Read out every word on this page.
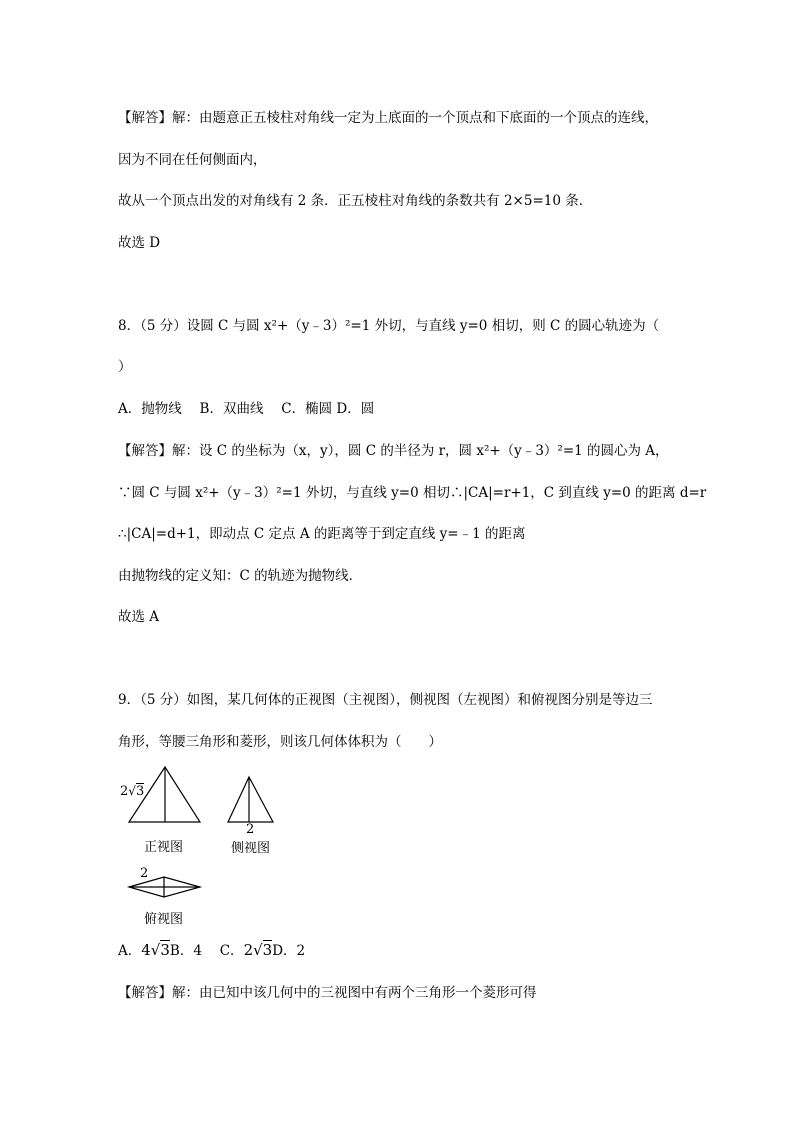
【解答】解：由题意正五棱柱对角线一定为上底面的一个顶点和下底面的一个顶点的连线，
因为不同在任何侧面内，
故从一个顶点出发的对角线有 2 条．正五棱柱对角线的条数共有 2×5=10 条．
故选 D
8．（5 分）设圆 C 与圆 x²+（y﹣3）²=1 外切，与直线 y=0 相切，则 C 的圆心轨迹为（
）
A．抛物线　 B．双曲线　 C．椭圆 D．圆
【解答】解：设 C 的坐标为（x，y），圆 C 的半径为 r，圆 x²+（y﹣3）²=1 的圆心为 A，
∵圆 C 与圆 x²+（y﹣3）²=1 外切，与直线 y=0 相切∴|CA|=r+1，C 到直线 y=0 的距离 d=r
∴|CA|=d+1，即动点 C 定点 A 的距离等于到定直线 y=﹣1 的距离
由抛物线的定义知：C 的轨迹为抛物线．
故选 A
9．（5 分）如图，某几何体的正视图（主视图），侧视图（左视图）和俯视图分别是等边三
角形，等腰三角形和菱形，则该几何体体积为（　　）
2√3
正视图
2
侧视图
2
俯视图
A．4√3B．4　 C．2√3D．2
【解答】解：由已知中该几何中的三视图中有两个三角形一个菱形可得
